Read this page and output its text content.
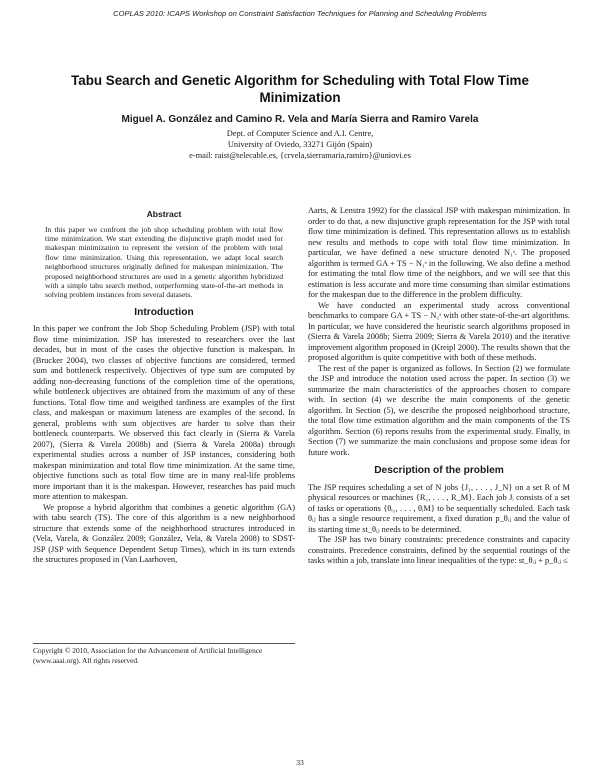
COPLAS 2010: ICAPS Workshop on Constraint Satisfaction Techniques for Planning and Scheduling Problems
Tabu Search and Genetic Algorithm for Scheduling with Total Flow Time Minimization
Miguel A. González and Camino R. Vela and María Sierra and Ramiro Varela
Dept. of Computer Science and A.I. Centre,
University of Oviedo, 33271 Gijón (Spain)
e-mail: raist@telecable.es, {crvela,sierramaria,ramiro}@uniovi.es
Abstract

In this paper we confront the job shop scheduling problem with total flow time minimization. We start extending the disjunctive graph model used for makespan minimization to represent the version of the problem with total flow time minimization. Using this representation, we adapt local search neighborhood structures originally defined for makespan minimization. The proposed neighborhood structures are used in a genetic algorithm hybridized with a simple tabu search method, outperforming state-of-the-art methods in solving problem instances from several datasets.

Introduction

In this paper we confront the Job Shop Scheduling Problem (JSP) with total flow time minimization. JSP has interested to researchers over the last decades, but in most of the cases the objective function is makespan. In (Brucker 2004), two classes of objective functions are considered, termed sum and bottleneck respectively. Objectives of type sum are computed by adding non-decreasing functions of the completion time of the operations, while bottleneck objectives are obtained from the maximum of any of these functions. Total flow time and weigthed tardiness are examples of the first class, and makespan or maximum lateness are examples of the second. In general, problems with sum objectives are harder to solve than their bottleneck counterparts. We observed this fact clearly in (Sierra & Varela 2007), (Sierra & Varela 2008b) and (Sierra & Varela 2008a) through experimental studies across a number of JSP instances, considering both makespan minimization and total flow time minimization. At the same time, objective functions such as total flow time are in many real-life problems more important than it is the makespan. However, researches has paid much more attention to makespan.

We propose a hybrid algorithm that combines a genetic algorithm (GA) with tabu search (TS). The core of this algorithm is a new neighborhood structure that extends some of the neighborhood structures introduced in (Vela, Varela, & González 2009; González, Vela, & Varela 2008) to SDST-JSP (JSP with Sequence Dependent Setup Times), which in its turn extends the structures proposed in (Van Laarhoven,

Copyright © 2010, Association for the Advancement of Artificial Intelligence (www.aaai.org). All rights reserved.

Aarts, & Lenstra 1992) for the classical JSP with makespan minimization. In order to do that, a new disjunctive graph representation for the JSP with total flow time minimization is defined. This representation allows us to establish new results and methods to cope with total flow time minimization. In particular, we have defined a new structure denoted N₁ˢ. The proposed algorithm is termed GA + TS − N₁ˢ in the following. We also define a method for estimating the total flow time of the neighbors, and we will see that this estimation is less accurate and more time consuming than similar estimations for the makespan due to the difference in the problem difficulty.

We have conducted an experimental study across conventional benchmarks to compare GA + TS − N₁ˢ with other state-of-the-art algorithms. In particular, we have considered the heuristic search algorithms proposed in (Sierra & Varela 2008b; Sierra 2009; Sierra & Varela 2010) and the iterative improvement algorithm proposed in (Kreipl 2000). The results shown that the proposed algorithm is quite competitive with both of these methods.

The rest of the paper is organized as follows. In Section (2) we formulate the JSP and introduce the notation used across the paper. In section (3) we summarize the main characteristics of the approaches chosen to compare with. In section (4) we describe the main components of the genetic algorithm. In Section (5), we describe the proposed neighborhood structure, the total flow time estimation algorithm and the main components of the TS algorithm. Section (6) reports results from the experimental study. Finally, in Section (7) we summarize the main conclusions and propose some ideas for future work.

Description of the problem

The JSP requires scheduling a set of N jobs {J₁, . . . , J_N} on a set R of M physical resources or machines {R₁, . . . , R_M}. Each job Jᵢ consists of a set of tasks or operations {θᵢ₁, . . . , θᵢM} to be sequentially scheduled. Each task θᵢⱼ has a single resource requirement, a fixed duration p_θᵢⱼ and the value of its starting time st_θᵢⱼ needs to be determined.

The JSP has two binary constraints: precedence constraints and capacity constraints. Precedence constraints, defined by the sequential routings of the tasks within a job, translate into linear inequalities of the type: st_θᵢⱼ + p_θᵢⱼ ≤

33
